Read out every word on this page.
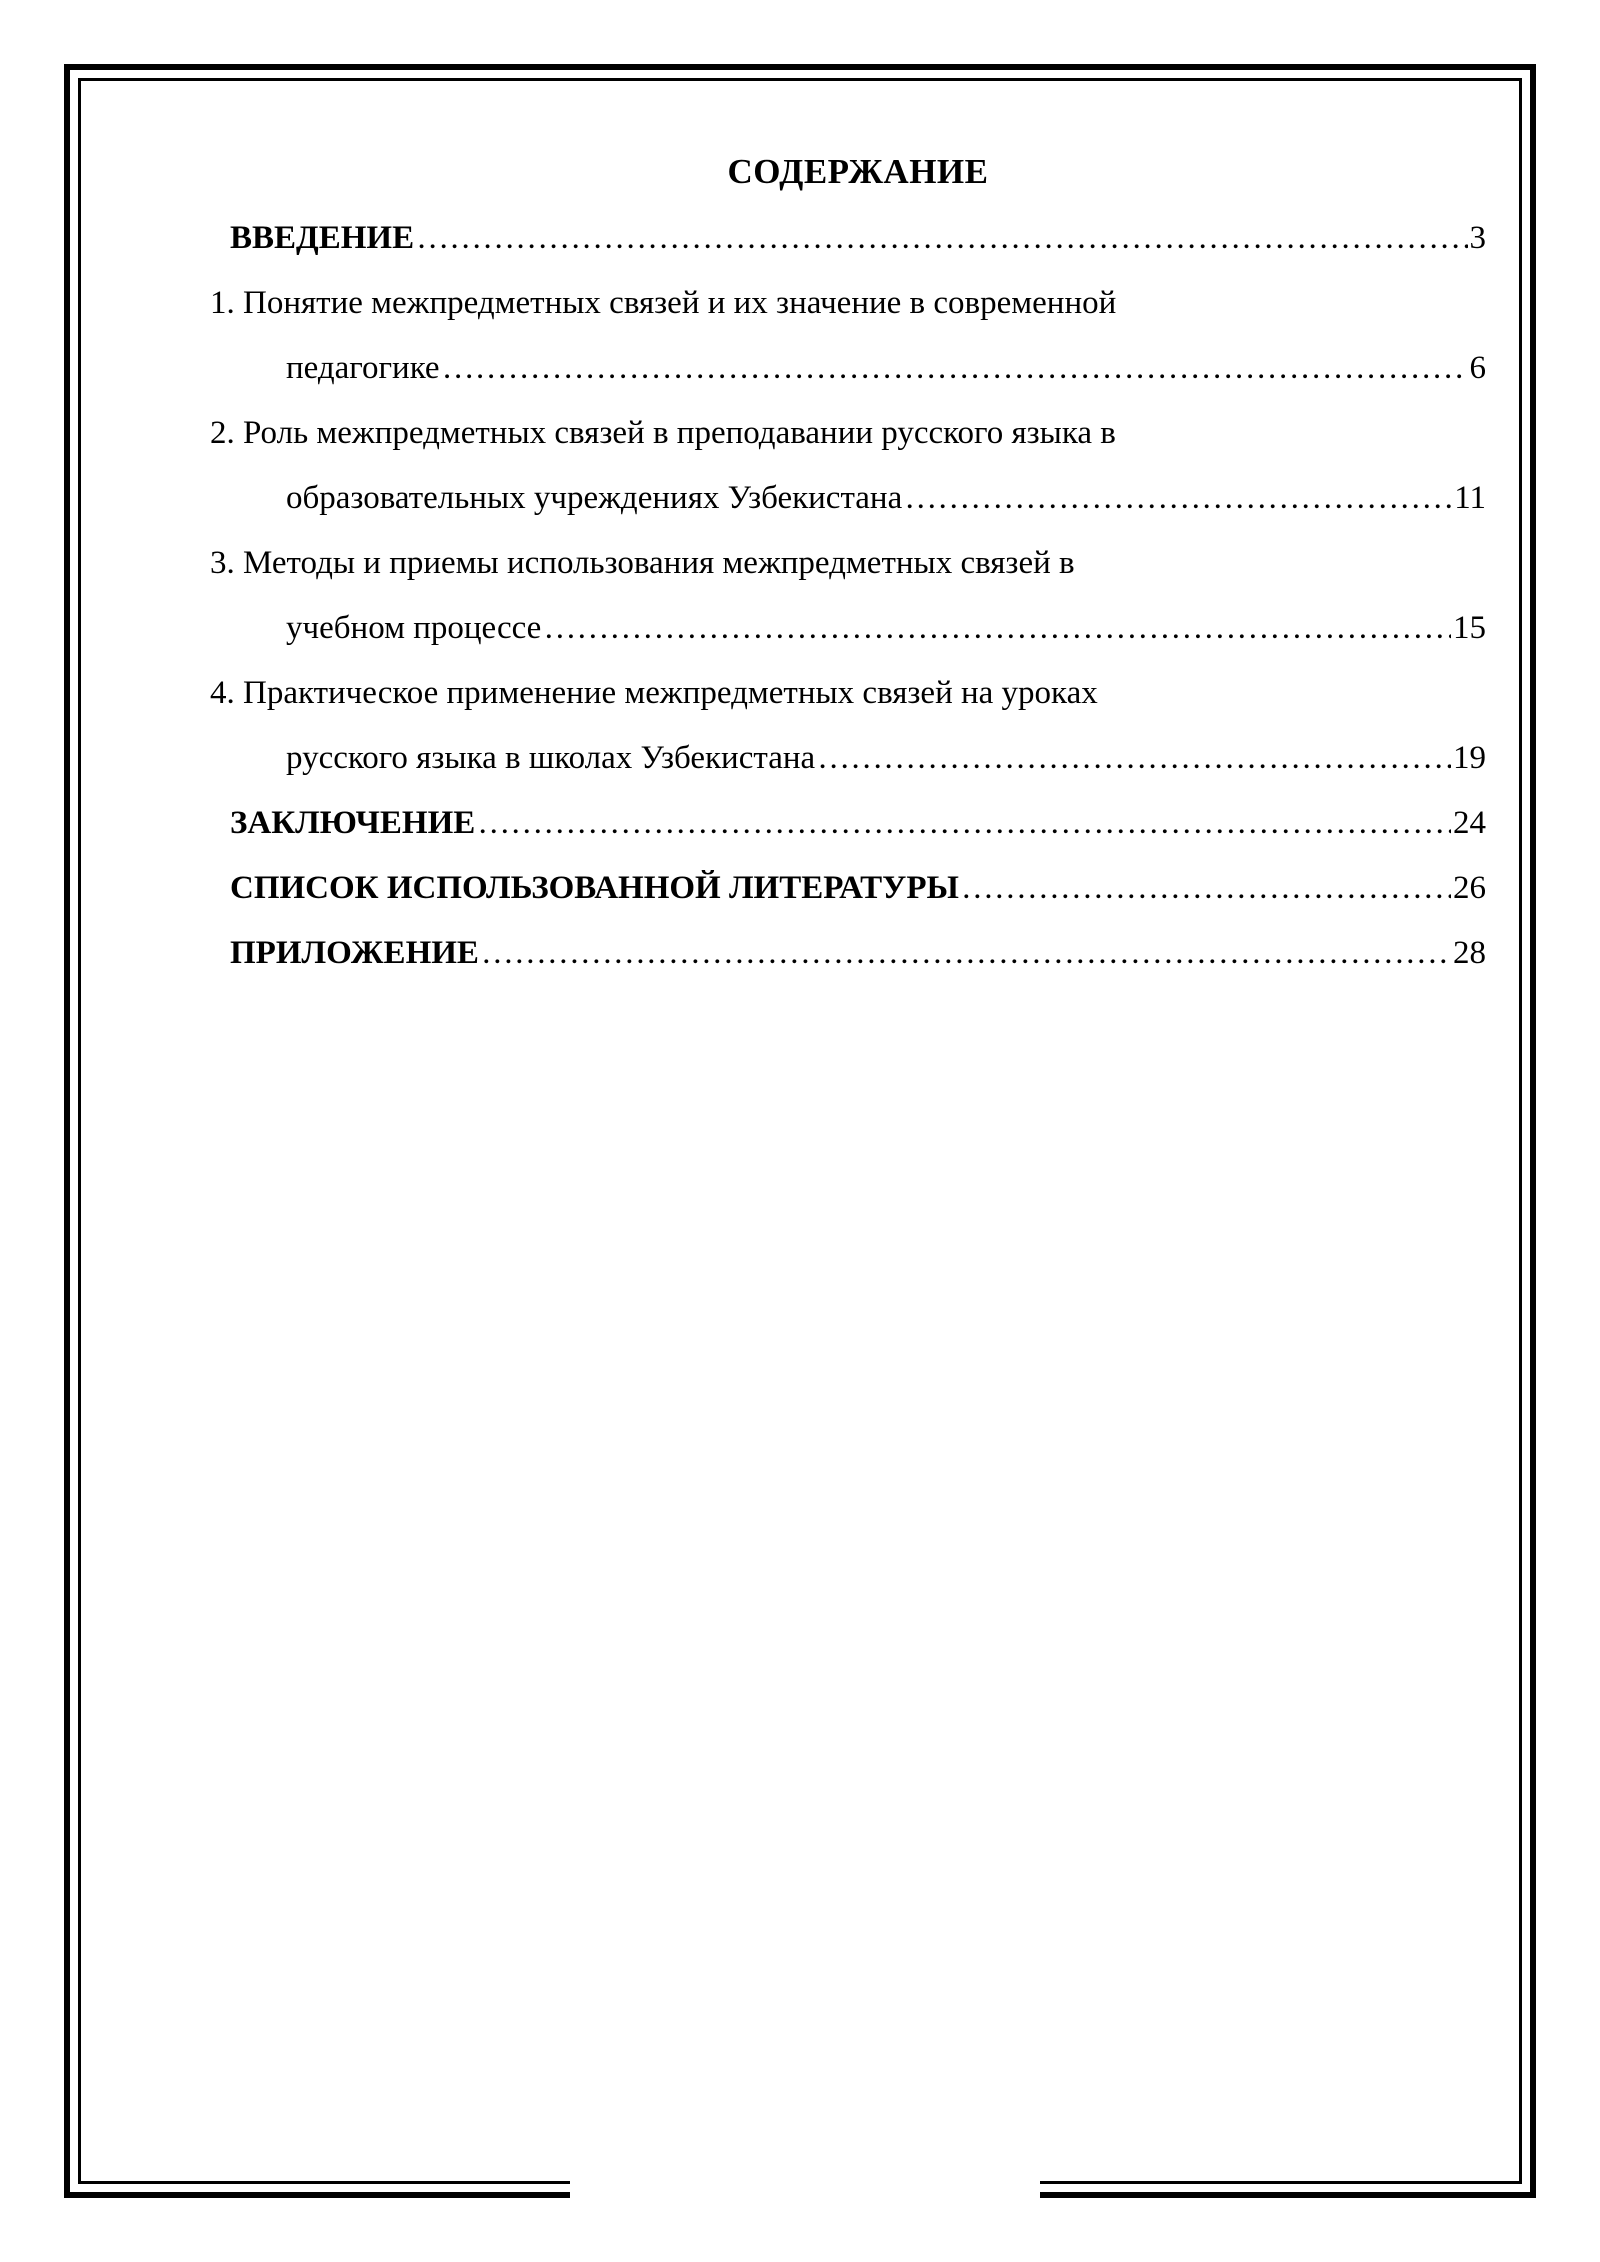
СОДЕРЖАНИЕ
ВВЕДЕНИЕ ……………………………………………………………………………………………………………………………………………………………………………	3
1. Понятие межпредметных связей и их значение в современной
педагогике ……………………………………………………………………………………………………………………………………………………………………………	6
2. Роль межпредметных связей в преподавании русского языка в
образовательных учреждениях Узбекистана ……………………………………………………………………………………………………………………………………………………………………………	11
3. Методы и приемы использования межпредметных связей в
учебном процессе ……………………………………………………………………………………………………………………………………………………………………………	15
4. Практическое применение межпредметных связей на уроках
русского языка в школах Узбекистана ……………………………………………………………………………………………………………………………………………………………………………	19
ЗАКЛЮЧЕНИЕ ……………………………………………………………………………………………………………………………………………………………………………	24
СПИСОК ИСПОЛЬЗОВАННОЙ ЛИТЕРАТУРЫ ……………………………………………………………………………………………………………………………………………………………………………	26
ПРИЛОЖЕНИЕ ……………………………………………………………………………………………………………………………………………………………………………	28
